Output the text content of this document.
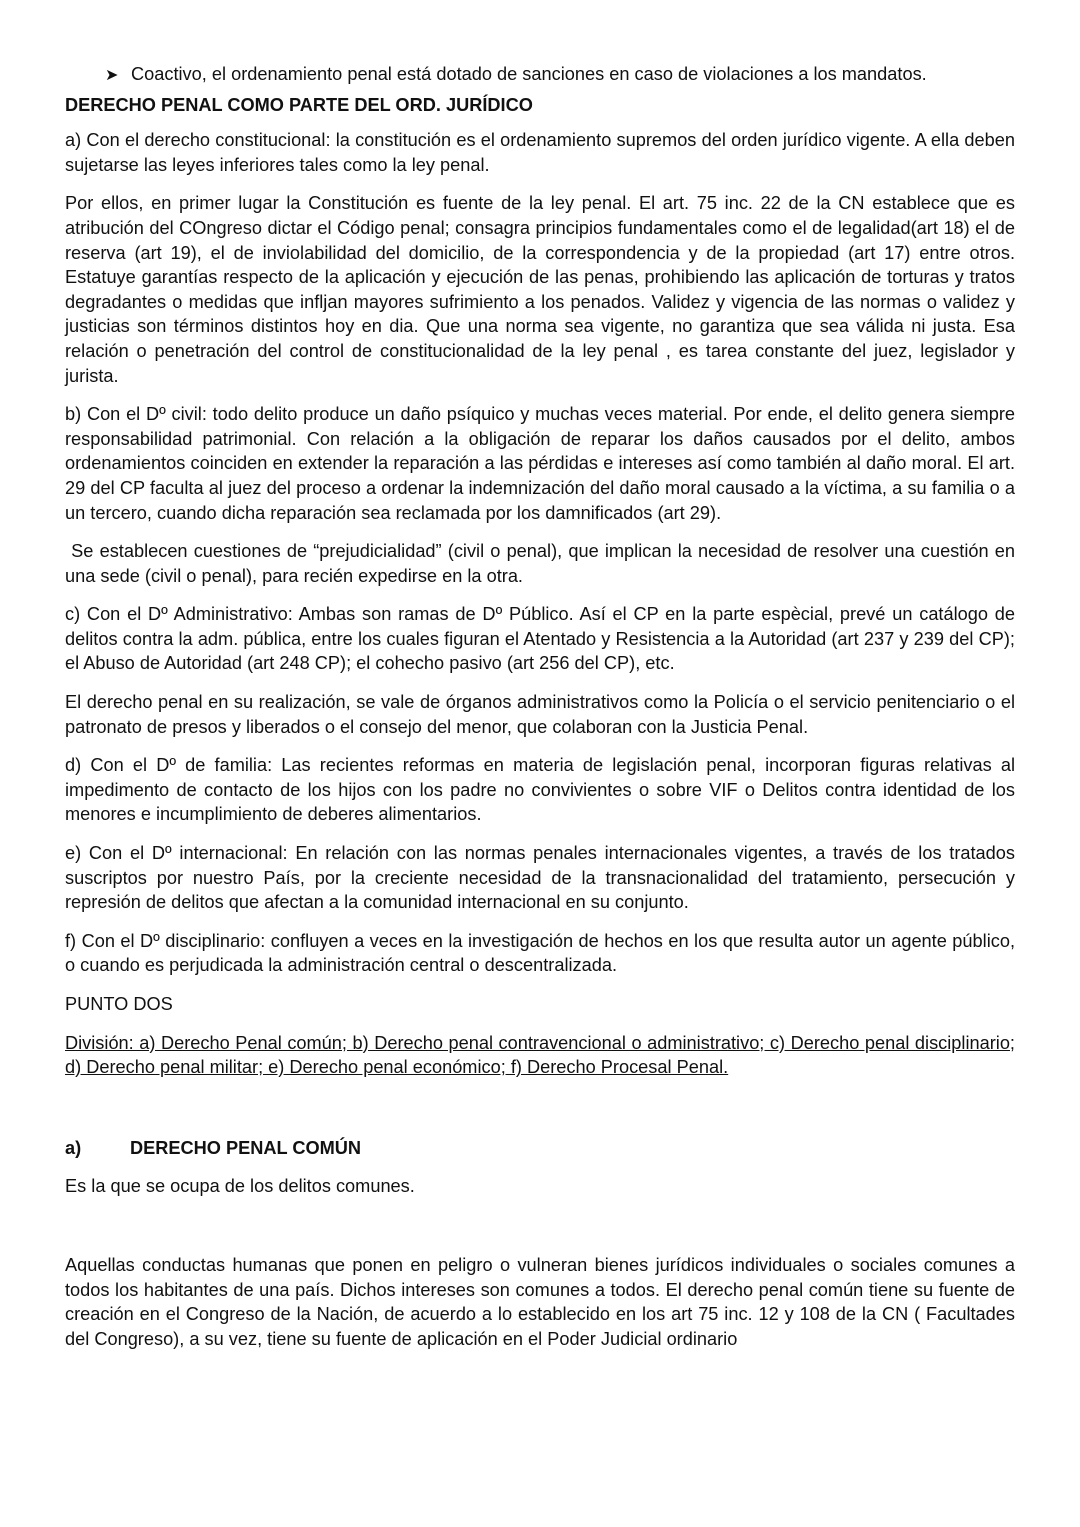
➤ Coactivo, el ordenamiento penal está dotado de sanciones en caso de violaciones a los mandatos.
DERECHO PENAL COMO PARTE DEL ORD. JURÍDICO

a) Con el derecho constitucional: la constitución es el ordenamiento supremos del orden jurídico vigente. A ella deben sujetarse las leyes inferiores tales como la ley penal.

Por ellos, en primer lugar la Constitución es fuente de la ley penal. El art. 75 inc. 22 de la CN establece que es atribución del COngreso dictar el Código penal; consagra principios fundamentales como el de legalidad(art 18) el de reserva (art 19), el de inviolabilidad del domicilio, de la correspondencia y de la propiedad (art 17) entre otros. Estatuye garantías respecto de la aplicación y ejecución de las penas, prohibiendo las aplicación de torturas y tratos degradantes o medidas que infljan mayores sufrimiento a los penados. Validez y vigencia de las normas o validez y justicias son términos distintos hoy en dia. Que una norma sea vigente, no garantiza que sea válida ni justa. Esa relación o penetración del control de constitucionalidad de la ley penal , es tarea constante del juez, legislador y jurista.

b) Con el Dº civil: todo delito produce un daño psíquico y muchas veces material. Por ende, el delito genera siempre responsabilidad patrimonial. Con relación a la obligación de reparar los daños causados por el delito, ambos ordenamientos coinciden en extender la reparación a las pérdidas e intereses así como también al daño moral. El art. 29 del CP faculta al juez del proceso a ordenar la indemnización del daño moral causado a la víctima, a su familia o a un tercero, cuando dicha reparación sea reclamada por los damnificados (art 29).

Se establecen cuestiones de “prejudicialidad” (civil o penal), que implican la necesidad de resolver una cuestión en una sede (civil o penal), para recién expedirse en la otra.

c) Con el Dº Administrativo: Ambas son ramas de Dº Público. Así el CP en la parte espècial, prevé un catálogo de delitos contra la adm. pública, entre los cuales figuran el Atentado y Resistencia a la Autoridad (art 237 y 239 del CP); el Abuso de Autoridad (art 248 CP); el cohecho pasivo (art 256 del CP), etc.

El derecho penal en su realización, se vale de órganos administrativos como la Policía o el servicio penitenciario o el patronato de presos y liberados o el consejo del menor, que colaboran con la Justicia Penal.

d) Con el Dº de familia: Las recientes reformas en materia de legislación penal, incorporan figuras relativas al impedimento de contacto de los hijos con los padre no convivientes o sobre VIF o Delitos contra identidad de los menores e incumplimiento de deberes alimentarios.

e) Con el Dº internacional: En relación con las normas penales internacionales vigentes, a través de los tratados suscriptos por nuestro País, por la creciente necesidad de la transnacionalidad del tratamiento, persecución y represión de delitos que afectan a la comunidad internacional en su conjunto.

f) Con el Dº disciplinario: confluyen a veces en la investigación de hechos en los que resulta autor un agente público, o cuando es perjudicada la administración central o descentralizada.

PUNTO DOS

División: a) Derecho Penal común; b) Derecho penal contravencional o administrativo; c) Derecho penal disciplinario; d) Derecho penal militar; e) Derecho penal económico; f) Derecho Procesal Penal.

a)	DERECHO PENAL COMÚN

Es la que se ocupa de los delitos comunes.

Aquellas conductas humanas que ponen en peligro o vulneran bienes jurídicos individuales o sociales comunes a todos los habitantes de una país. Dichos intereses son comunes a todos. El derecho penal común tiene su fuente de creación en el Congreso de la Nación, de acuerdo a lo establecido en los art 75 inc. 12 y 108 de la CN ( Facultades del Congreso), a su vez, tiene su fuente de aplicación en el Poder Judicial ordinario
